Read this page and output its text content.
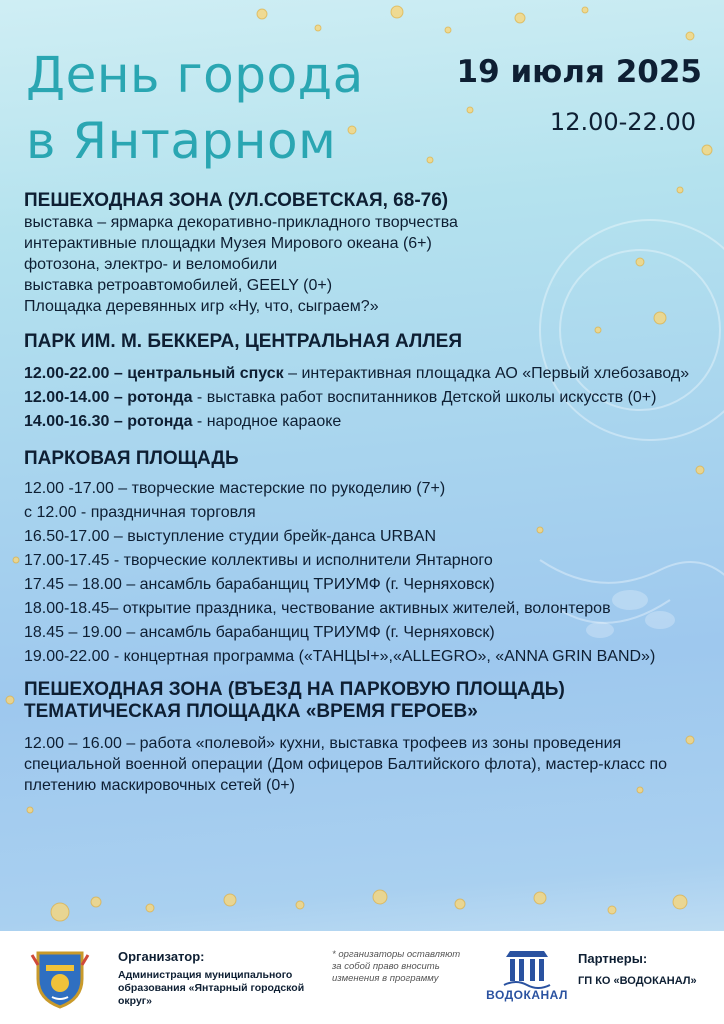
День города
в Янтарном
19 июля 2025
12.00-22.00
ПЕШЕХОДНАЯ ЗОНА (УЛ.СОВЕТСКАЯ, 68-76)

выставка – ярмарка декоративно-прикладного творчества

интерактивные площадки Музея Мирового океана (6+)

фотозона, электро- и веломобили

выставка ретроавтомобилей, GEELY (0+)

Площадка деревянных игр «Ну, что, сыграем?»

ПАРК ИМ. М. БЕККЕРА, ЦЕНТРАЛЬНАЯ АЛЛЕЯ

12.00-22.00 – центральный спуск – интерактивная площадка АО «Первый хлебозавод»

12.00-14.00 – ротонда - выставка работ воспитанников Детской школы искусств (0+)

14.00-16.30 – ротонда - народное караоке

ПАРКОВАЯ ПЛОЩАДЬ

12.00 -17.00 – творческие мастерские по рукоделию (7+)

с 12.00 - праздничная торговля

16.50-17.00 – выступление студии брейк-данса URBAN

17.00-17.45 - творческие коллективы и исполнители Янтарного

17.45 – 18.00 – ансамбль барабанщиц ТРИУМФ (г. Черняховск)

18.00-18.45– открытие праздника, чествование активных жителей, волонтеров

18.45 – 19.00 – ансамбль барабанщиц ТРИУМФ (г. Черняховск)

19.00-22.00 - концертная программа («ТАНЦЫ+»,«ALLEGRO», «ANNA GRIN BAND»)

ПЕШЕХОДНАЯ ЗОНА (ВЪЕЗД НА ПАРКОВУЮ ПЛОЩАДЬ)
ТЕМАТИЧЕСКАЯ ПЛОЩАДКА «ВРЕМЯ ГЕРОЕВ»

12.00 – 16.00 – работа «полевой» кухни, выставка трофеев из зоны проведения специальной военной операции (Дом офицеров Балтийского флота), мастер-класс по плетению маскировочных сетей (0+)

Организатор:
Администрация муниципального образования «Янтарный городской округ»
* организаторы оставляют за собой право вносить изменения в программу
ВОДОКАНАЛ
Партнеры:
ГП КО «ВОДОКАНАЛ»
